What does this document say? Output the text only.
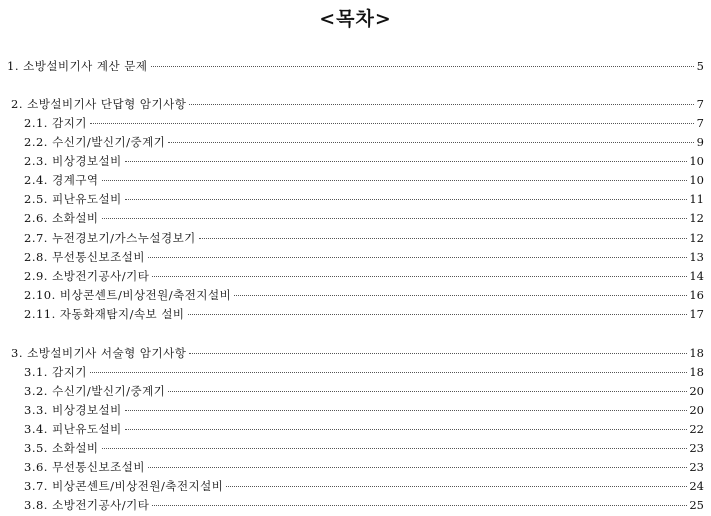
<목차>
1. 소방설비기사 계산 문제	5
2. 소방설비기사 단답형 암기사항	7
2.1. 감지기	7
2.2. 수신기/발신기/중계기	9
2.3. 비상경보설비	10
2.4. 경계구역	10
2.5. 피난유도설비	11
2.6. 소화설비	12
2.7. 누전경보기/가스누설경보기	12
2.8. 무선통신보조설비	13
2.9. 소방전기공사/기타	14
2.10. 비상콘센트/비상전원/축전지설비	16
2.11. 자동화재탐지/속보 설비	17
3. 소방설비기사 서술형 암기사항	18
3.1. 감지기	18
3.2. 수신기/발신기/중계기	20
3.3. 비상경보설비	20
3.4. 피난유도설비	22
3.5. 소화설비	23
3.6. 무선통신보조설비	23
3.7. 비상콘센트/비상전원/축전지설비	24
3.8. 소방전기공사/기타	25
